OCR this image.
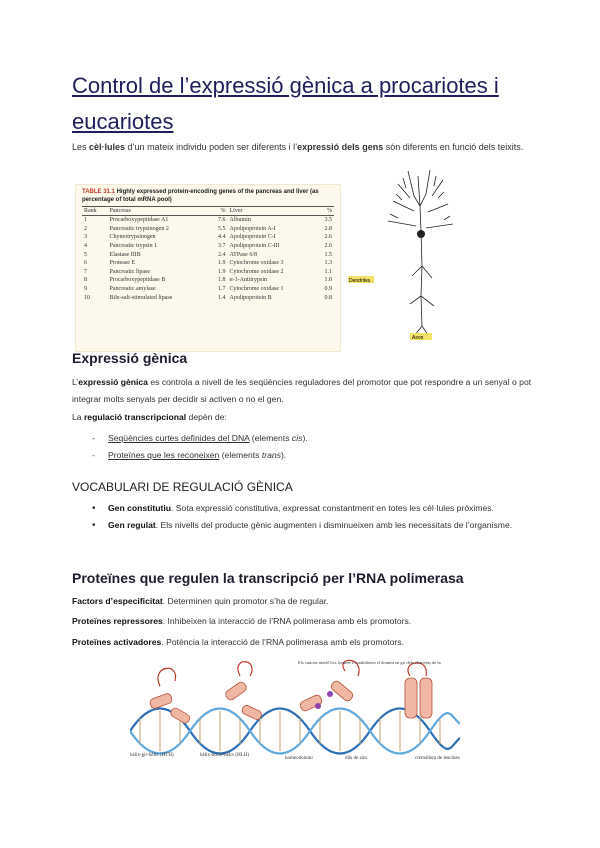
Control de l’expressió gènica a procariotes i eucariotes

Les cèl·lules d’un mateix individu poden ser diferents i l’expressió dels gens són diferents en funció dels teixits.

TABLE 31.1 Highly expressed protein-encoding genes of the pancreas and liver (as percentage of total mRNA pool)
Rank	Pancreas	%	Liver	%
1	Procarboxypeptidase A1	7.6	Albumin	3.5
2	Pancreatic trypsinogen 2	5.5	Apolipoprotein A-I	2.8
3	Chymotrypsinogen	4.4	Apolipoprotein C-I	2.6
4	Pancreatic trypsin 1	3.7	Apolipoprotein C-III	2.6
5	Elastase IIIB	2.4	ATPase 6/8	1.5
6	Protease E	1.9	Cytochrome oxidase 3	1.3
7	Pancreatic lipase	1.9	Cytochrome oxidase 2	1.1
8	Procarboxypeptidase B	1.8	α-1-Antitrypsin	1.0
9	Pancreatic amylase	1.7	Cytochrome oxidase 1	0.9
10	Bile-salt-stimulated lipase	1.4	Apolipoprotein B	0.8
Dendrites
Axon
Expressió gènica

L’expressió gènica es controla a nivell de les seqüències reguladores del promotor que pot respondre a un senyal o pot integrar molts senyals per decidir si activen o no el gen.

La regulació transcripcional depèn de:

- Seqüències curtes definides del DNA (elements cis).
- Proteïnes que les reconeixen (elements trans).
VOCABULARI DE REGULACIÓ GÈNICA
• Gen constitutiu. Sota expressió constitutiva, expressat constantment en totes les cèl·lules pròximes.
• Gen regulat. Els nivells del producte gènic augmenten i disminueixen amb les necessitats de l’organisme.
Proteïnes que regulen la transcripció per l’RNA polimerasa

Factors d’especificitat. Determinen quin promotor s’ha de regular.

Proteïnes repressores. Inhibeixen la interacció de l’RNA polimerasa amb els promotors.

Proteïnes activadores. Potència la interacció de l’RNA polimerasa amb els promotors.

Els cations metàl·lics formen o estabilitzen el domini en gir dels elements de la
hèlix-gir-hèlix (HTH)	hèlix-bucle-hèlix (HLH)
cremallera de leucines
dits de zinc
homeodomini
